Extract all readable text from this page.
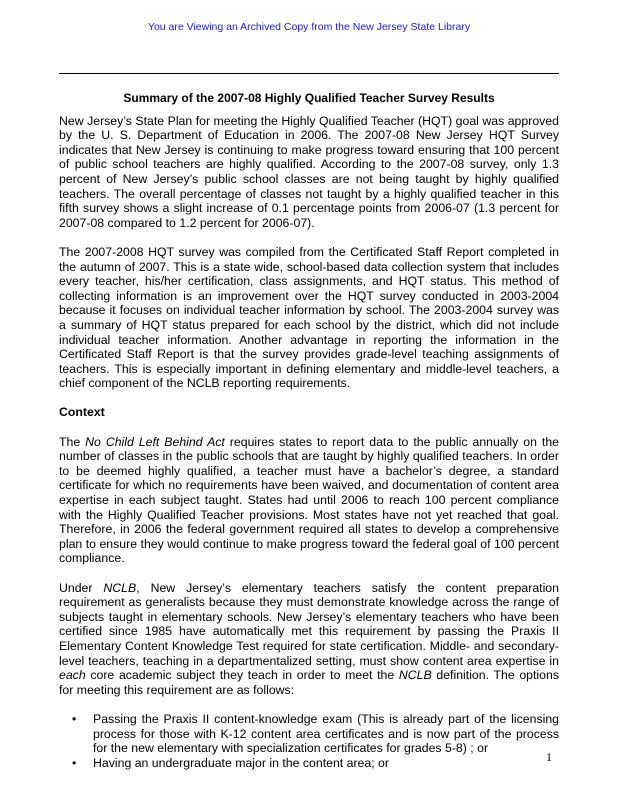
You are Viewing an Archived Copy from the New Jersey State Library
Summary of the 2007-08 Highly Qualified Teacher Survey Results

New Jersey’s State Plan for meeting the Highly Qualified Teacher (HQT) goal was approved by the U. S. Department of Education in 2006. The 2007-08 New Jersey HQT Survey indicates that New Jersey is continuing to make progress toward ensuring that 100 percent of public school teachers are highly qualified. According to the 2007-08 survey, only 1.3 percent of New Jersey’s public school classes are not being taught by highly qualified teachers. The overall percentage of classes not taught by a highly qualified teacher in this fifth survey shows a slight increase of 0.1 percentage points from 2006-07 (1.3 percent for 2007-08 compared to 1.2 percent for 2006-07).

The 2007-2008 HQT survey was compiled from the Certificated Staff Report completed in the autumn of 2007. This is a state wide, school-based data collection system that includes every teacher, his/her certification, class assignments, and HQT status. This method of collecting information is an improvement over the HQT survey conducted in 2003-2004 because it focuses on individual teacher information by school. The 2003-2004 survey was a summary of HQT status prepared for each school by the district, which did not include individual teacher information. Another advantage in reporting the information in the Certificated Staff Report is that the survey provides grade-level teaching assignments of teachers. This is especially important in defining elementary and middle-level teachers, a chief component of the NCLB reporting requirements.

Context

The No Child Left Behind Act requires states to report data to the public annually on the number of classes in the public schools that are taught by highly qualified teachers. In order to be deemed highly qualified, a teacher must have a bachelor’s degree, a standard certificate for which no requirements have been waived, and documentation of content area expertise in each subject taught. States had until 2006 to reach 100 percent compliance with the Highly Qualified Teacher provisions. Most states have not yet reached that goal. Therefore, in 2006 the federal government required all states to develop a comprehensive plan to ensure they would continue to make progress toward the federal goal of 100 percent compliance.

Under NCLB, New Jersey’s elementary teachers satisfy the content preparation requirement as generalists because they must demonstrate knowledge across the range of subjects taught in elementary schools. New Jersey’s elementary teachers who have been certified since 1985 have automatically met this requirement by passing the Praxis II Elementary Content Knowledge Test required for state certification. Middle- and secondary-level teachers, teaching in a departmentalized setting, must show content area expertise in each core academic subject they teach in order to meet the NCLB definition. The options for meeting this requirement are as follows:

• Passing the Praxis II content-knowledge exam (This is already part of the licensing process for those with K-12 content area certificates and is now part of the process for the new elementary with specialization certificates for grades 5-8) ; or
• Having an undergraduate major in the content area; or	1
